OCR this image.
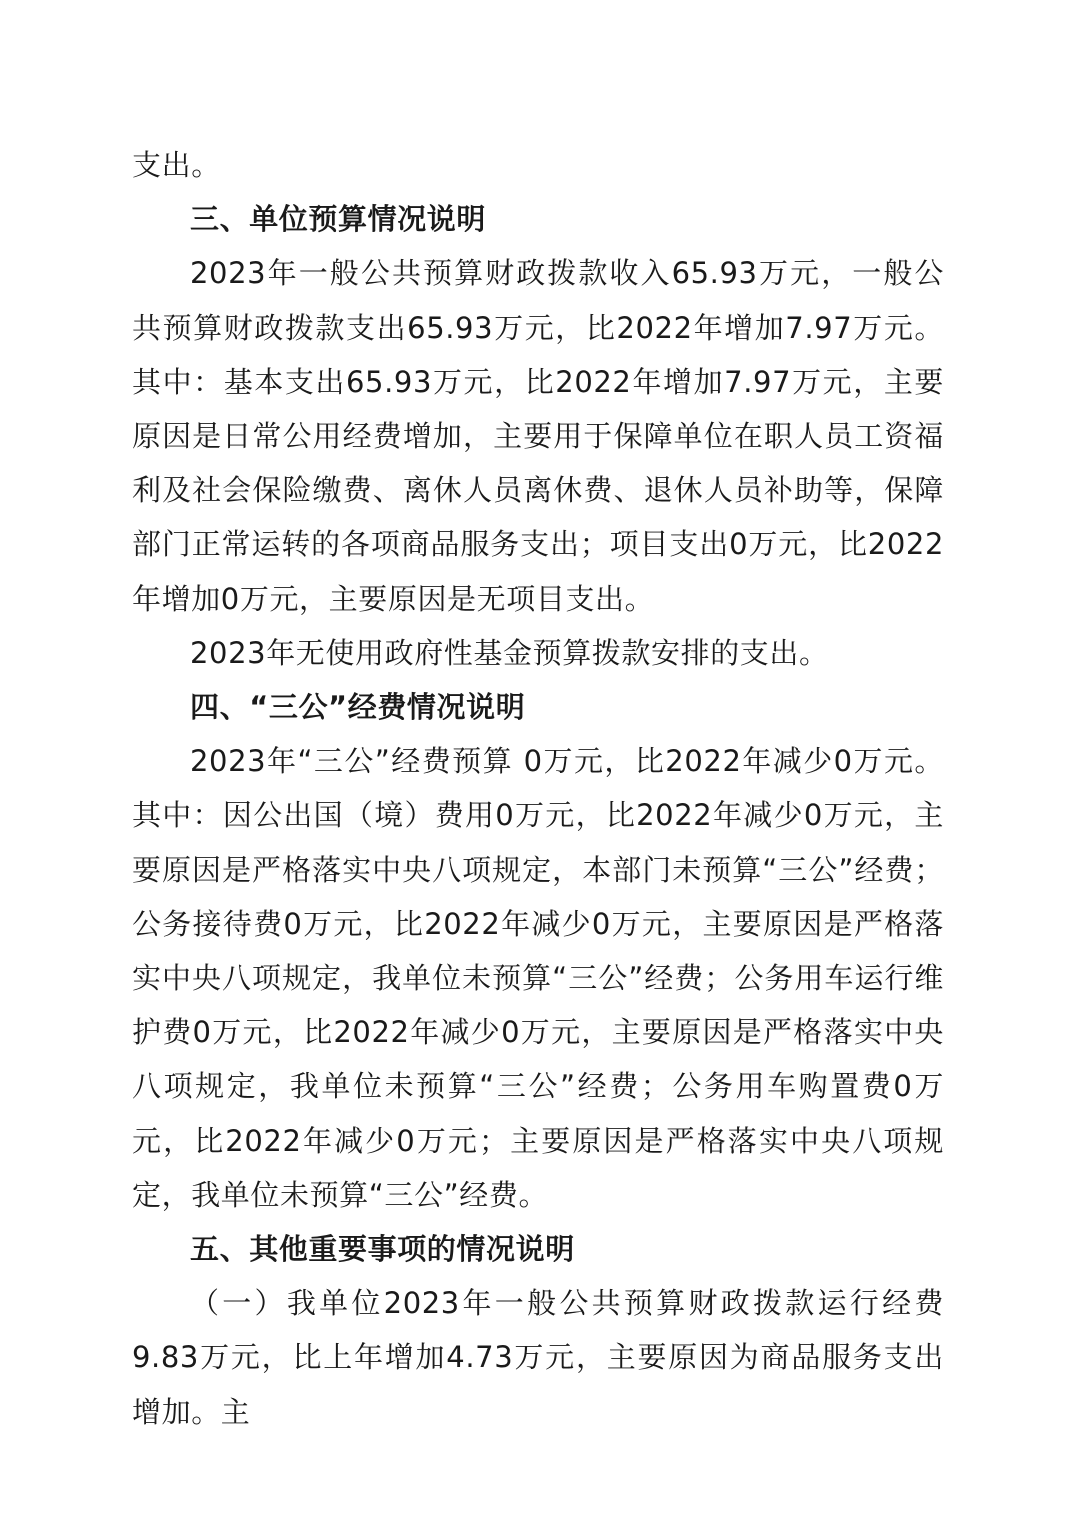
支出。

三、单位预算情况说明

2023年一般公共预算财政拨款收入65.93万元，一般公共预算财政拨款支出65.93万元，比2022年增加7.97万元。其中：基本支出65.93万元，比2022年增加7.97万元，主要原因是日常公用经费增加，主要用于保障单位在职人员工资福利及社会保险缴费、离休人员离休费、退休人员补助等，保障部门正常运转的各项商品服务支出；项目支出0万元，比2022年增加0万元，主要原因是无项目支出。

2023年无使用政府性基金预算拨款安排的支出。

四、“三公”经费情况说明

2023年“三公”经费预算 0万元，比2022年减少0万元。其中：因公出国（境）费用0万元，比2022年减少0万元，主要原因是严格落实中央八项规定，本部门未预算“三公”经费；公务接待费0万元，比2022年减少0万元，主要原因是严格落实中央八项规定，我单位未预算“三公”经费；公务用车运行维护费0万元，比2022年减少0万元，主要原因是严格落实中央八项规定，我单位未预算“三公”经费；公务用车购置费0万元，比2022年减少0万元；主要原因是严格落实中央八项规定，我单位未预算“三公”经费。

五、其他重要事项的情况说明

（一）我单位2023年一般公共预算财政拨款运行经费9.83万元，比上年增加4.73万元，主要原因为商品服务支出增加。主
